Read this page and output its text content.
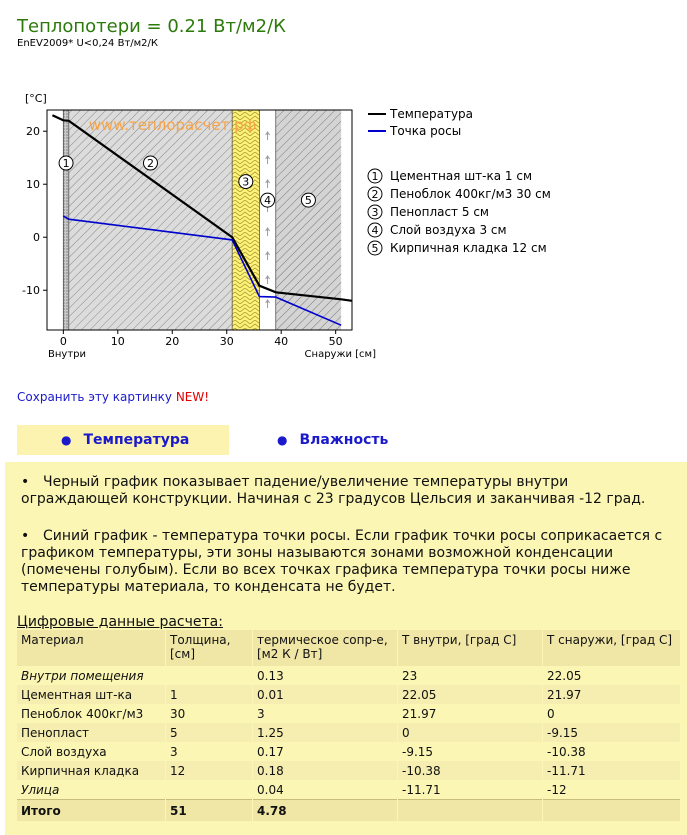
Теплопотери = 0.21 Вт/м2/К
EnEV2009* U<0,24 Вт/м2/К
www.теплорасчет.рф
0	10	20	30	40	50
20
10
0
-10
[°C]
Внутри	Снаружи [см]
1	2
3
4	5
Температура
Точка росы
1 Цементная шт-ка 1 см
2 Пеноблок 400кг/м3 30 см
3 Пенопласт 5 см
4 Слой воздуха 3 см
5 Кирпичная кладка 12 см
Сохранить эту картинку NEW!
● Температура	● Влажность
• Черный график показывает падение/увеличение температуры внутри ограждающей конструкции. Начиная с 23 градусов Цельсия и заканчивая -12 град.
• Синий график - температура точки росы. Если график точки росы соприкасается с графиком температуры, эти зоны называются зонами возможной конденсации (помечены голубым). Если во всех точках графика температура точки росы ниже температуры материала, то конденсата не будет.
Цифровые данные расчета:
Материал	Толщина, [см]	термическое сопр-е, [м2 К / Вт]	Т внутри, [град С]	Т снаружи, [град С]
Внутри помещения		0.13	23	22.05
Цементная шт-ка	1	0.01	22.05	21.97
Пеноблок 400кг/м3	30	3	21.97	0
Пенопласт	5	1.25	0	-9.15
Слой воздуха	3	0.17	-9.15	-10.38
Кирпичная кладка	12	0.18	-10.38	-11.71
Улица		0.04	-11.71	-12
Итого	51	4.78		
